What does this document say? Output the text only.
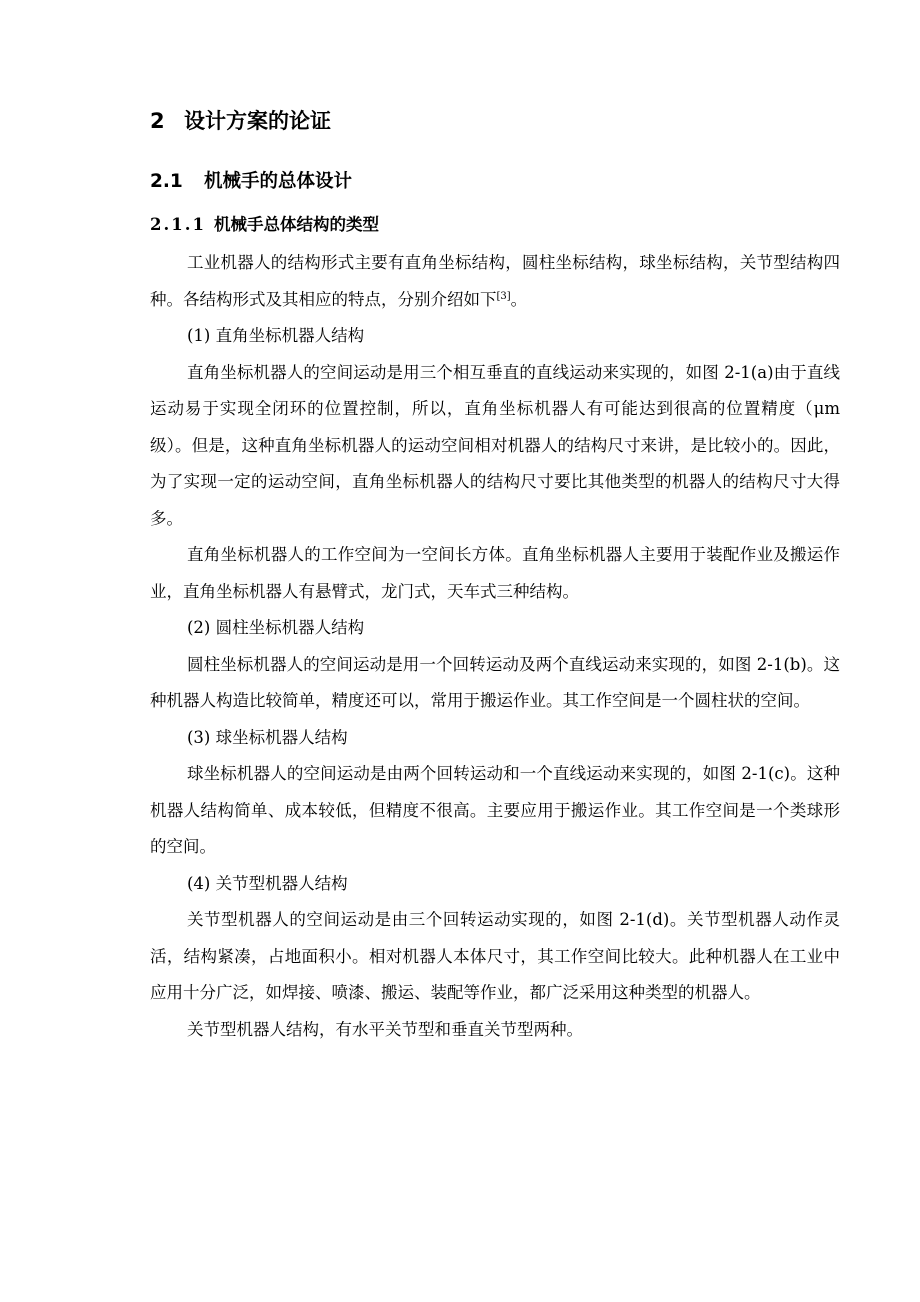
2 设计方案的论证
2.1 机械手的总体设计
2.1.1 机械手总体结构的类型

工业机器人的结构形式主要有直角坐标结构，圆柱坐标结构，球坐标结构，关节型结构四种。各结构形式及其相应的特点，分别介绍如下[3]。

(1) 直角坐标机器人结构

直角坐标机器人的空间运动是用三个相互垂直的直线运动来实现的，如图 2-1(a)由于直线运动易于实现全闭环的位置控制，所以，直角坐标机器人有可能达到很高的位置精度（μm级）。但是，这种直角坐标机器人的运动空间相对机器人的结构尺寸来讲，是比较小的。因此，为了实现一定的运动空间，直角坐标机器人的结构尺寸要比其他类型的机器人的结构尺寸大得多。

直角坐标机器人的工作空间为一空间长方体。直角坐标机器人主要用于装配作业及搬运作业，直角坐标机器人有悬臂式，龙门式，天车式三种结构。

(2) 圆柱坐标机器人结构

圆柱坐标机器人的空间运动是用一个回转运动及两个直线运动来实现的，如图 2-1(b)。这种机器人构造比较简单，精度还可以，常用于搬运作业。其工作空间是一个圆柱状的空间。

(3) 球坐标机器人结构

球坐标机器人的空间运动是由两个回转运动和一个直线运动来实现的，如图 2-1(c)。这种机器人结构简单、成本较低，但精度不很高。主要应用于搬运作业。其工作空间是一个类球形的空间。

(4) 关节型机器人结构

关节型机器人的空间运动是由三个回转运动实现的，如图 2-1(d)。关节型机器人动作灵活，结构紧凑，占地面积小。相对机器人本体尺寸，其工作空间比较大。此种机器人在工业中应用十分广泛，如焊接、喷漆、搬运、装配等作业，都广泛采用这种类型的机器人。

关节型机器人结构，有水平关节型和垂直关节型两种。
